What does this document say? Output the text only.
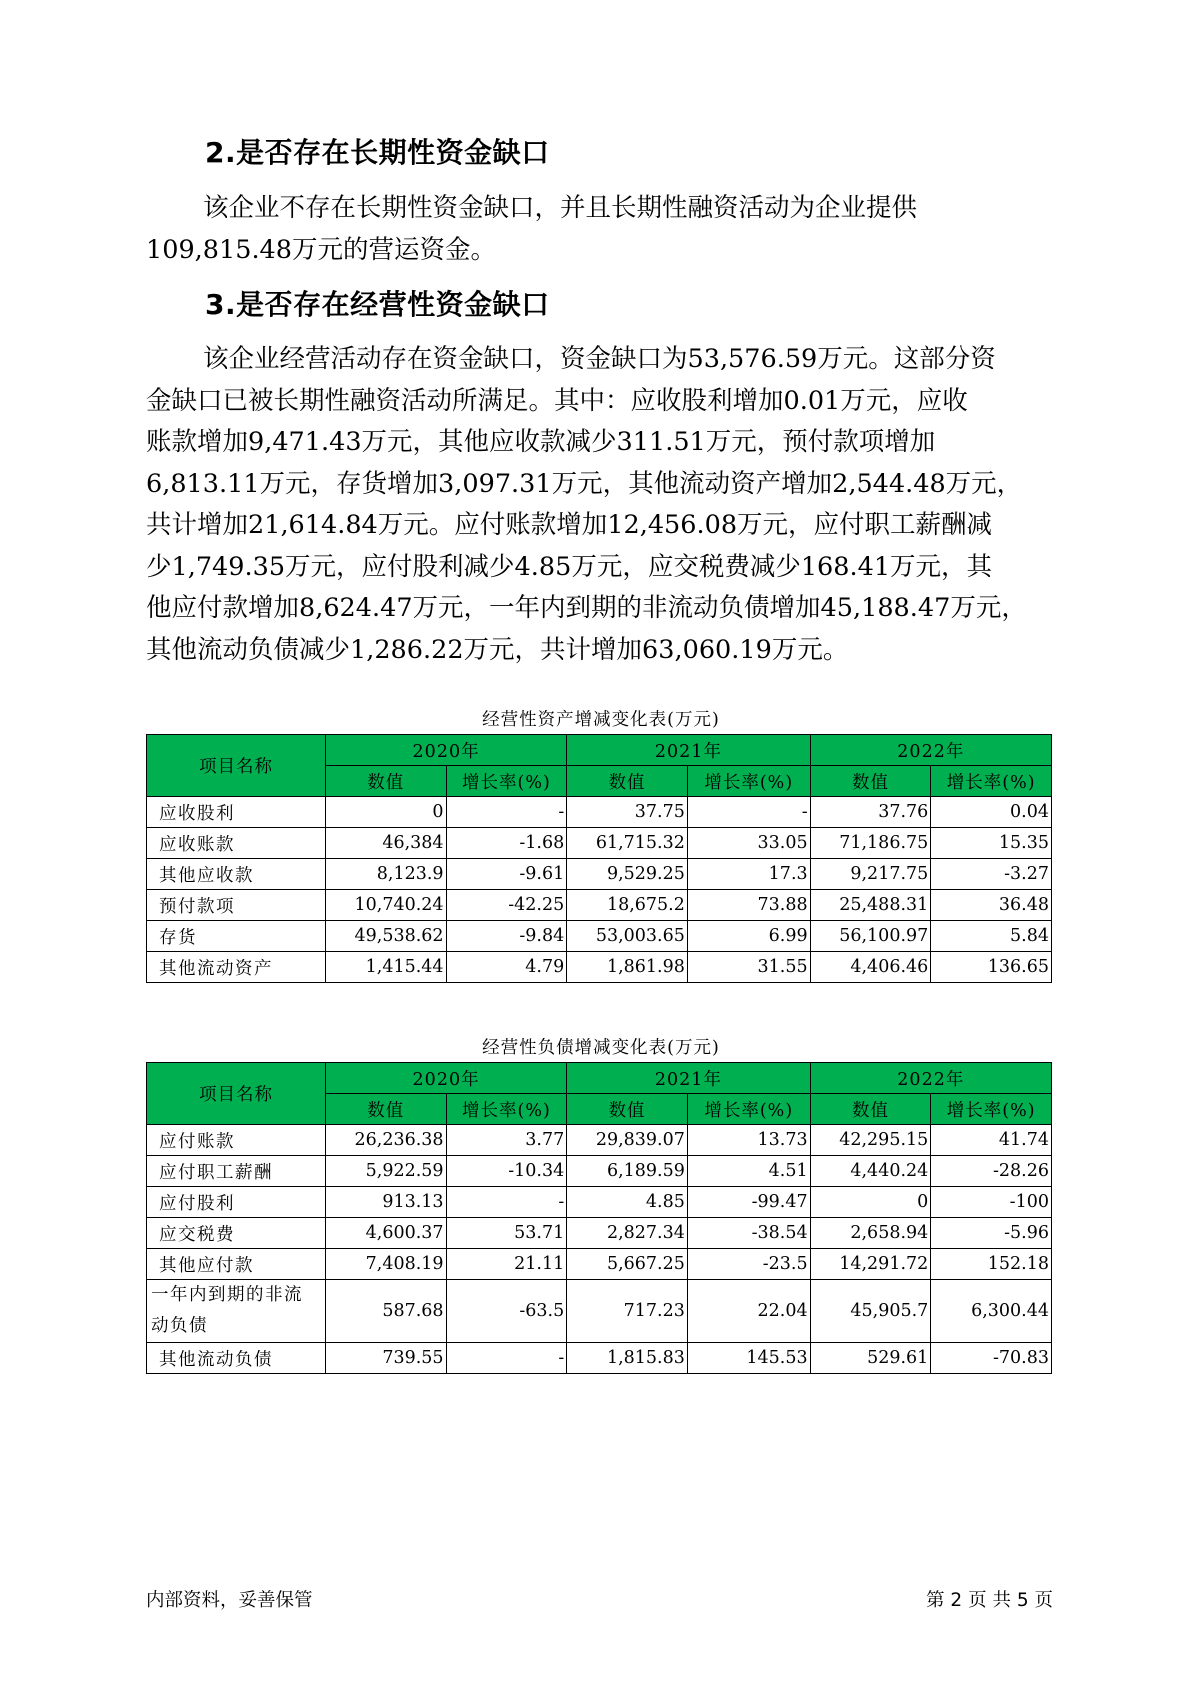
2.是否存在长期性资金缺口
该企业不存在长期性资金缺口，并且长期性融资活动为企业提供
109,815.48万元的营运资金。
3.是否存在经营性资金缺口
该企业经营活动存在资金缺口，资金缺口为53,576.59万元。这部分资
金缺口已被长期性融资活动所满足。其中：应收股利增加0.01万元，应收
账款增加9,471.43万元，其他应收款减少311.51万元，预付款项增加
6,813.11万元，存货增加3,097.31万元，其他流动资产增加2,544.48万元，
共计增加21,614.84万元。应付账款增加12,456.08万元，应付职工薪酬减
少1,749.35万元，应付股利减少4.85万元，应交税费减少168.41万元，其
他应付款增加8,624.47万元，一年内到期的非流动负债增加45,188.47万元，
其他流动负债减少1,286.22万元，共计增加63,060.19万元。
经营性资产增减变化表(万元)
项目名称	2020年		2021年		2022年	
	数值	增长率(%)	数值	增长率(%)	数值	增长率(%)
应收股利	0	-	37.75	-	37.76	0.04
应收账款	46,384	-1.68	61,715.32	33.05	71,186.75	15.35
其他应收款	8,123.9	-9.61	9,529.25	17.3	9,217.75	-3.27
预付款项	10,740.24	-42.25	18,675.2	73.88	25,488.31	36.48
存货	49,538.62	-9.84	53,003.65	6.99	56,100.97	5.84
其他流动资产	1,415.44	4.79	1,861.98	31.55	4,406.46	136.65
经营性负债增减变化表(万元)
项目名称	2020年		2021年		2022年	
	数值	增长率(%)	数值	增长率(%)	数值	增长率(%)
应付账款	26,236.38	3.77	29,839.07	13.73	42,295.15	41.74
应付职工薪酬	5,922.59	-10.34	6,189.59	4.51	4,440.24	-28.26
应付股利	913.13	-	4.85	-99.47	0	-100
应交税费	4,600.37	53.71	2,827.34	-38.54	2,658.94	-5.96
其他应付款	7,408.19	21.11	5,667.25	-23.5	14,291.72	152.18
一年内到期的非流动负债	587.68	-63.5	717.23	22.04	45,905.7	6,300.44
其他流动负债	739.55	-	1,815.83	145.53	529.61	-70.83
内部资料，妥善保管	第 2 页 共 5 页
